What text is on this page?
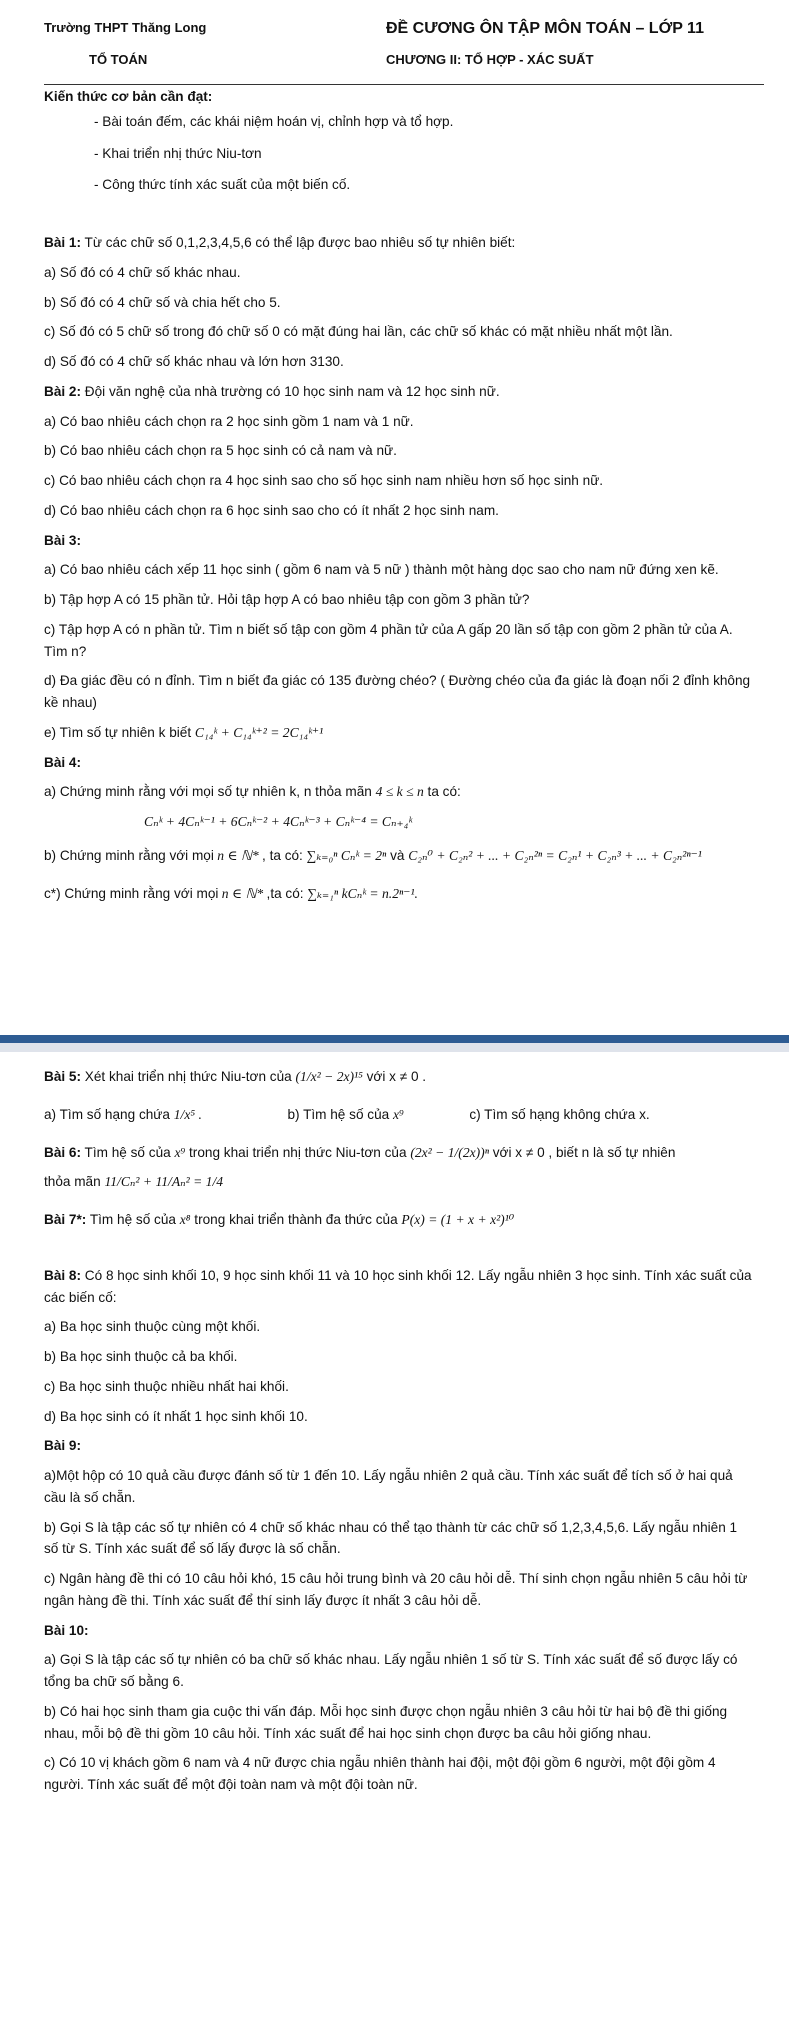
Trường THPT Thăng Long
TỔ TOÁN
ĐỀ CƯƠNG ÔN TẬP MÔN TOÁN – LỚP 11
CHƯƠNG II: TỔ HỢP - XÁC SUẤT
Kiến thức cơ bản cần đạt:
- Bài toán đếm, các khái niệm hoán vị, chỉnh hợp và tổ hợp.
- Khai triển nhị thức Niu-tơn
- Công thức tính xác suất của một biến cố.

Bài 1: Từ các chữ số 0,1,2,3,4,5,6 có thể lập được bao nhiêu số tự nhiên biết:

a) Số đó có 4 chữ số khác nhau.

b) Số đó có 4 chữ số và chia hết cho 5.

c) Số đó có 5 chữ số trong đó chữ số 0 có mặt đúng hai lần, các chữ số khác có mặt nhiều nhất một lần.

d) Số đó có 4 chữ số khác nhau và lớn hơn 3130.

Bài 2: Đội văn nghệ của nhà trường có 10 học sinh nam và 12 học sinh nữ.

a) Có bao nhiêu cách chọn ra 2 học sinh gồm 1 nam và 1 nữ.

b) Có bao nhiêu cách chọn ra 5 học sinh có cả nam và nữ.

c) Có bao nhiêu cách chọn ra 4 học sinh sao cho số học sinh nam nhiều hơn số học sinh nữ.

d) Có bao nhiêu cách chọn ra 6 học sinh sao cho có ít nhất 2 học sinh nam.

Bài 3:

a) Có bao nhiêu cách xếp 11 học sinh ( gồm 6 nam và 5 nữ ) thành một hàng dọc sao cho nam nữ đứng xen kẽ.

b) Tập hợp A có 15 phần tử. Hỏi tập hợp A có bao nhiêu tập con gồm 3 phần tử?

c) Tập hợp A có n phần tử. Tìm n biết số tập con gồm 4 phần tử của A gấp 20 lần số tập con gồm 2 phần tử của A. Tìm n?

d) Đa giác đều có n đỉnh. Tìm n biết đa giác có 135 đường chéo? ( Đường chéo của đa giác là đoạn nối 2 đỉnh không kề nhau)

e) Tìm số tự nhiên k biết C₁₄ᵏ + C₁₄ᵏ⁺² = 2C₁₄ᵏ⁺¹

Bài 4:

a) Chứng minh rằng với mọi số tự nhiên k, n thỏa mãn 4 ≤ k ≤ n ta có:

Cₙᵏ + 4Cₙᵏ⁻¹ + 6Cₙᵏ⁻² + 4Cₙᵏ⁻³ + Cₙᵏ⁻⁴ = Cₙ₊₄ᵏ

b) Chứng minh rằng với mọi n ∈ ℕ* , ta có: ∑ₖ₌₀ⁿ Cₙᵏ = 2ⁿ và C₂ₙ⁰ + C₂ₙ² + ... + C₂ₙ²ⁿ = C₂ₙ¹ + C₂ₙ³ + ... + C₂ₙ²ⁿ⁻¹

c*) Chứng minh rằng với mọi n ∈ ℕ* ,ta có: ∑ₖ₌₁ⁿ kCₙᵏ = n.2ⁿ⁻¹.

Bài 5: Xét khai triển nhị thức Niu-tơn của (1/x² − 2x)¹⁵ với x ≠ 0 .

a) Tìm số hạng chứa 1/x⁵ .	b) Tìm hệ số của x⁹	c) Tìm số hạng không chứa x.

Bài 6: Tìm hệ số của x⁹ trong khai triển nhị thức Niu-tơn của (2x² − 1/(2x))ⁿ với x ≠ 0 , biết n là số tự nhiên

thỏa mãn 11/Cₙ² + 11/Aₙ² = 1/4

Bài 7*: Tìm hệ số của x⁸ trong khai triển thành đa thức của P(x) = (1 + x + x²)¹⁰

Bài 8: Có 8 học sinh khối 10, 9 học sinh khối 11 và 10 học sinh khối 12. Lấy ngẫu nhiên 3 học sinh. Tính xác suất của các biến cố:

a) Ba học sinh thuộc cùng một khối.

b) Ba học sinh thuộc cả ba khối.

c) Ba học sinh thuộc nhiều nhất hai khối.

d) Ba học sinh có ít nhất 1 học sinh khối 10.

Bài 9:

a)Một hộp có 10 quả cầu được đánh số từ 1 đến 10. Lấy ngẫu nhiên 2 quả cầu. Tính xác suất để tích số ở hai quả cầu là số chẵn.

b) Gọi S là tập các số tự nhiên có 4 chữ số khác nhau có thể tạo thành từ các chữ số 1,2,3,4,5,6. Lấy ngẫu nhiên 1 số từ S. Tính xác suất để số lấy được là số chẵn.

c) Ngân hàng đề thi có 10 câu hỏi khó, 15 câu hỏi trung bình và 20 câu hỏi dễ. Thí sinh chọn ngẫu nhiên 5 câu hỏi từ ngân hàng đề thi. Tính xác suất để thí sinh lấy được ít nhất 3 câu hỏi dễ.

Bài 10:

a) Gọi S là tập các số tự nhiên có ba chữ số khác nhau. Lấy ngẫu nhiên 1 số từ S. Tính xác suất để số được lấy có tổng ba chữ số bằng 6.

b) Có hai học sinh tham gia cuộc thi vấn đáp. Mỗi học sinh được chọn ngẫu nhiên 3 câu hỏi từ hai bộ đề thi giống nhau, mỗi bộ đề thi gồm 10 câu hỏi. Tính xác suất để hai học sinh chọn được ba câu hỏi giống nhau.

c) Có 10 vị khách gồm 6 nam và 4 nữ được chia ngẫu nhiên thành hai đội, một đội gồm 6 người, một đội gồm 4 người. Tính xác suất để một đội toàn nam và một đội toàn nữ.
